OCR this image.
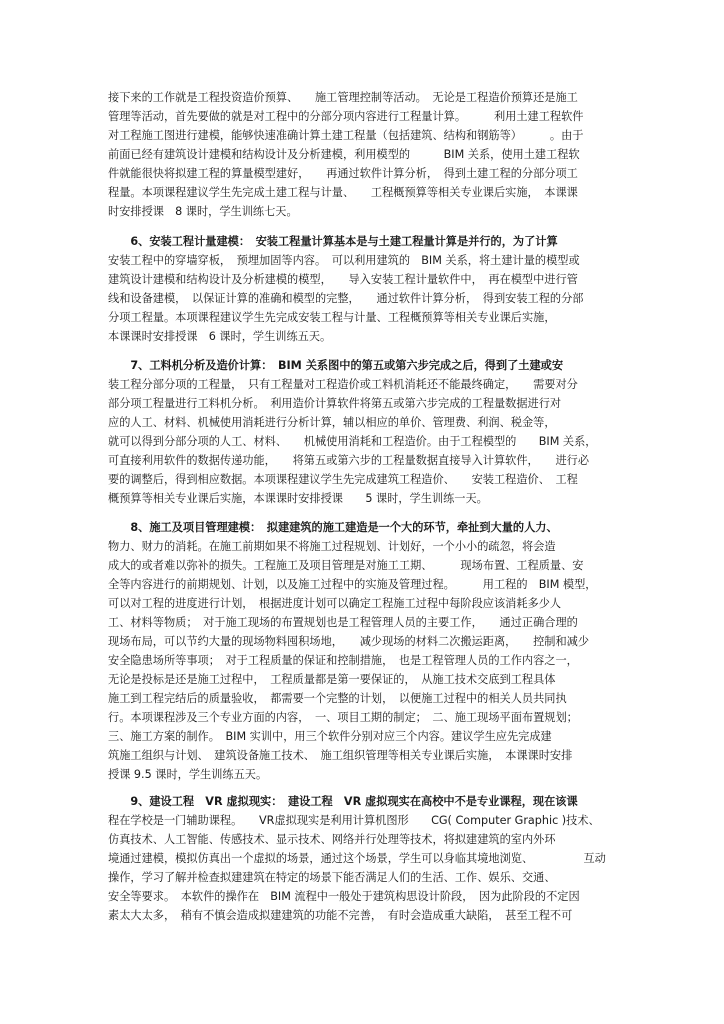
接下来的工作就是工程投资造价预算、　　施工管理控制等活动。　无论是工程造价预算还是施工
管理等活动，首先要做的就是对工程中的分部分项内容进行工程量计算。　　　利用土建工程软件
对工程施工图进行建模，能够快速准确计算土建工程量（包括建筑、结构和钢筋等）　　　。由于
前面已经有建筑设计建模和结构设计及分析建模，利用模型的　　　BIM 关系，使用土建工程软
件就能很快将拟建工程的算量模型建好，　　再通过软件计算分析，　得到土建工程的分部分项工
程量。本项课程建议学生先完成土建工程与计量、　　工程概预算等相关专业课后实施，　本课课
时安排授课　8 课时，学生训练七天。
　　6、安装工程计量建模：　安装工程量计算基本是与土建工程量计算是并行的，为了计算
安装工程中的穿墙穿板，　预埋加固等内容。　可以利用建筑的　BIM 关系，将土建计量的模型或
建筑设计建模和结构设计及分析建模的模型，　　导入安装工程计量软件中，　再在模型中进行管
线和设备建模，　以保证计算的准确和模型的完整，　　通过软件计算分析，　得到安装工程的分部
分项工程量。本项课程建议学生先完成安装工程与计量、工程概预算等相关专业课后实施，
本课课时安排授课　6 课时，学生训练五天。
　　7、工料机分析及造价计算：　BIM 关系图中的第五或第六步完成之后，得到了土建或安
装工程分部分项的工程量，　只有工程量对工程造价或工料机消耗还不能最终确定，　　需要对分
部分项工程量进行工料机分析。　利用造价计算软件将第五或第六步完成的工程量数据进行对
应的人工、材料、机械使用消耗进行分析计算，辅以相应的单价、管理费、利润、税金等，
就可以得到分部分项的人工、材料、　　机械使用消耗和工程造价。由于工程模型的　　BIM 关系，
可直接利用软件的数据传递功能，　　将第五或第六步的工程量数据直接导入计算软件，　　进行必
要的调整后，得到相应数据。本项课程建议学生先完成建筑工程造价、　　安装工程造价、　工程
概预算等相关专业课后实施，本课课时安排授课　　5 课时，学生训练一天。
　　8、施工及项目管理建模：　拟建建筑的施工建造是一个大的环节，牵扯到大量的人力、
物力、财力的消耗。在施工前期如果不将施工过程规划、计划好，一个小小的疏忽，将会造
成大的或者难以弥补的损失。工程施工及项目管理是对施工工期、　　　现场布置、工程质量、安
全等内容进行的前期规划、计划，以及施工过程中的实施及管理过程。　　　用工程的　BIM 模型，
可以对工程的进度进行计划，　根据进度计划可以确定工程施工过程中每阶段应该消耗多少人
工、材料等物质；　对于施工现场的布置规划也是工程管理人员的主要工作，　　通过正确合理的
现场布局，可以节约大量的现场物料囤积场地，　　减少现场的材料二次搬运距离，　　控制和减少
安全隐患场所等事项；　对于工程质量的保证和控制措施，　也是工程管理人员的工作内容之一，
无论是投标是还是施工过程中，　工程质量都是第一要保证的，　从施工技术交底到工程具体
施工到工程完结后的质量验收，　都需要一个完整的计划，　以便施工过程中的相关人员共同执
行。本项课程涉及三个专业方面的内容，　一、项目工期的制定；　二、施工现场平面布置规划；
三、施工方案的制作。　BIM 实训中，用三个软件分别对应三个内容。建议学生应先完成建
筑施工组织与计划、　建筑设备施工技术、　施工组织管理等相关专业课后实施，　本课课时安排
授课 9.5 课时，学生训练五天。
　　9、建设工程　VR 虚拟现实：　建设工程　VR 虚拟现实在高校中不是专业课程，现在该课
程在学校是一门辅助课程。　　VR虚拟现实是利用计算机图形　　CG( Computer Graphic )技术、
仿真技术、人工智能、传感技术、显示技术、网络并行处理等技术，将拟建建筑的室内外环
境通过建模，模拟仿真出一个虚拟的场景，通过这个场景，学生可以身临其境地浏览、　　　　　互动
操作，学习了解并检查拟建建筑在特定的场景下能否满足人们的生活、工作、娱乐、交通、
安全等要求。　本软件的操作在　BIM 流程中一般处于建筑构思设计阶段，　因为此阶段的不定因
素太大太多，　稍有不慎会造成拟建建筑的功能不完善，　有时会造成重大缺陷，　甚至工程不可
